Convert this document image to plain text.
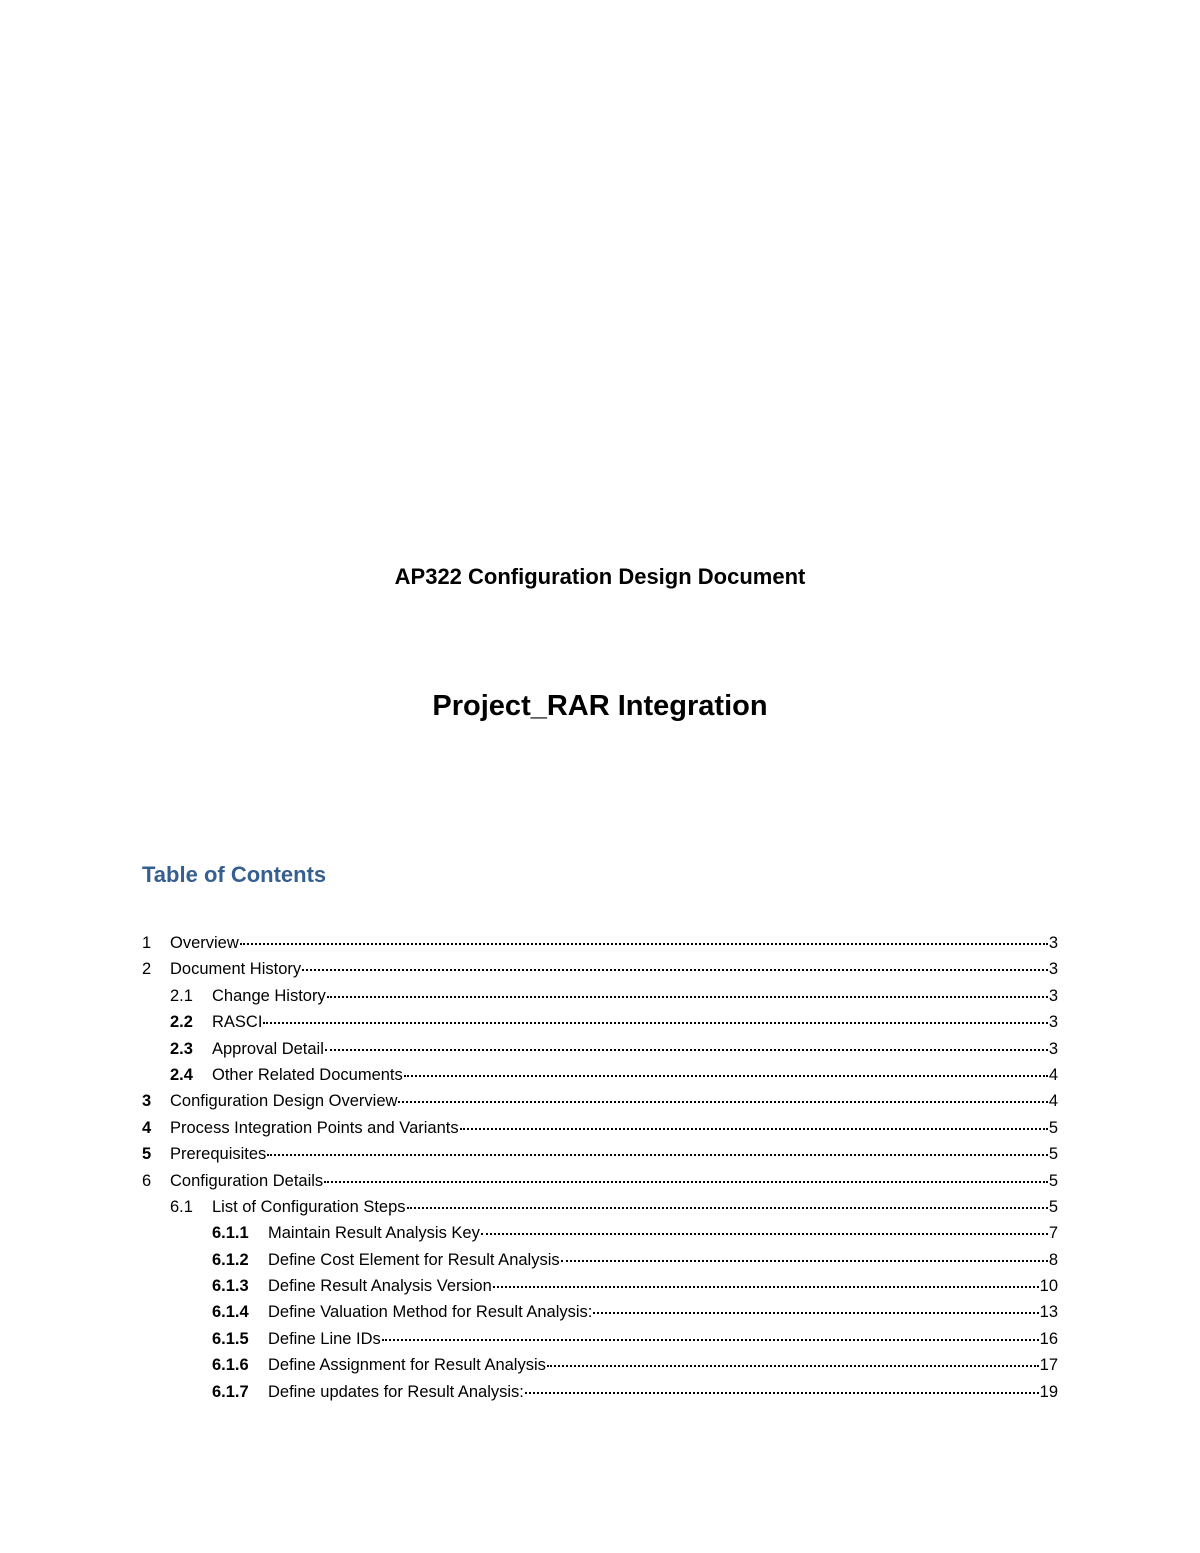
AP322 Configuration Design Document
Project_RAR Integration
Table of Contents
1	Overview	3
2	Document History	3
2.1	Change History	3
2.2	RASCI	3
2.3	Approval Detail	3
2.4	Other Related Documents	4
3	Configuration Design Overview	4
4	Process Integration Points and Variants	5
5	Prerequisites	5
6	Configuration Details	5
6.1	List of Configuration Steps	5
6.1.1	Maintain Result Analysis Key	7
6.1.2	Define Cost Element for Result Analysis	8
6.1.3	Define Result Analysis Version	10
6.1.4	Define Valuation Method for Result Analysis:	13
6.1.5	Define Line IDs	16
6.1.6	Define Assignment for Result Analysis	17
6.1.7	Define updates for Result Analysis:	19
